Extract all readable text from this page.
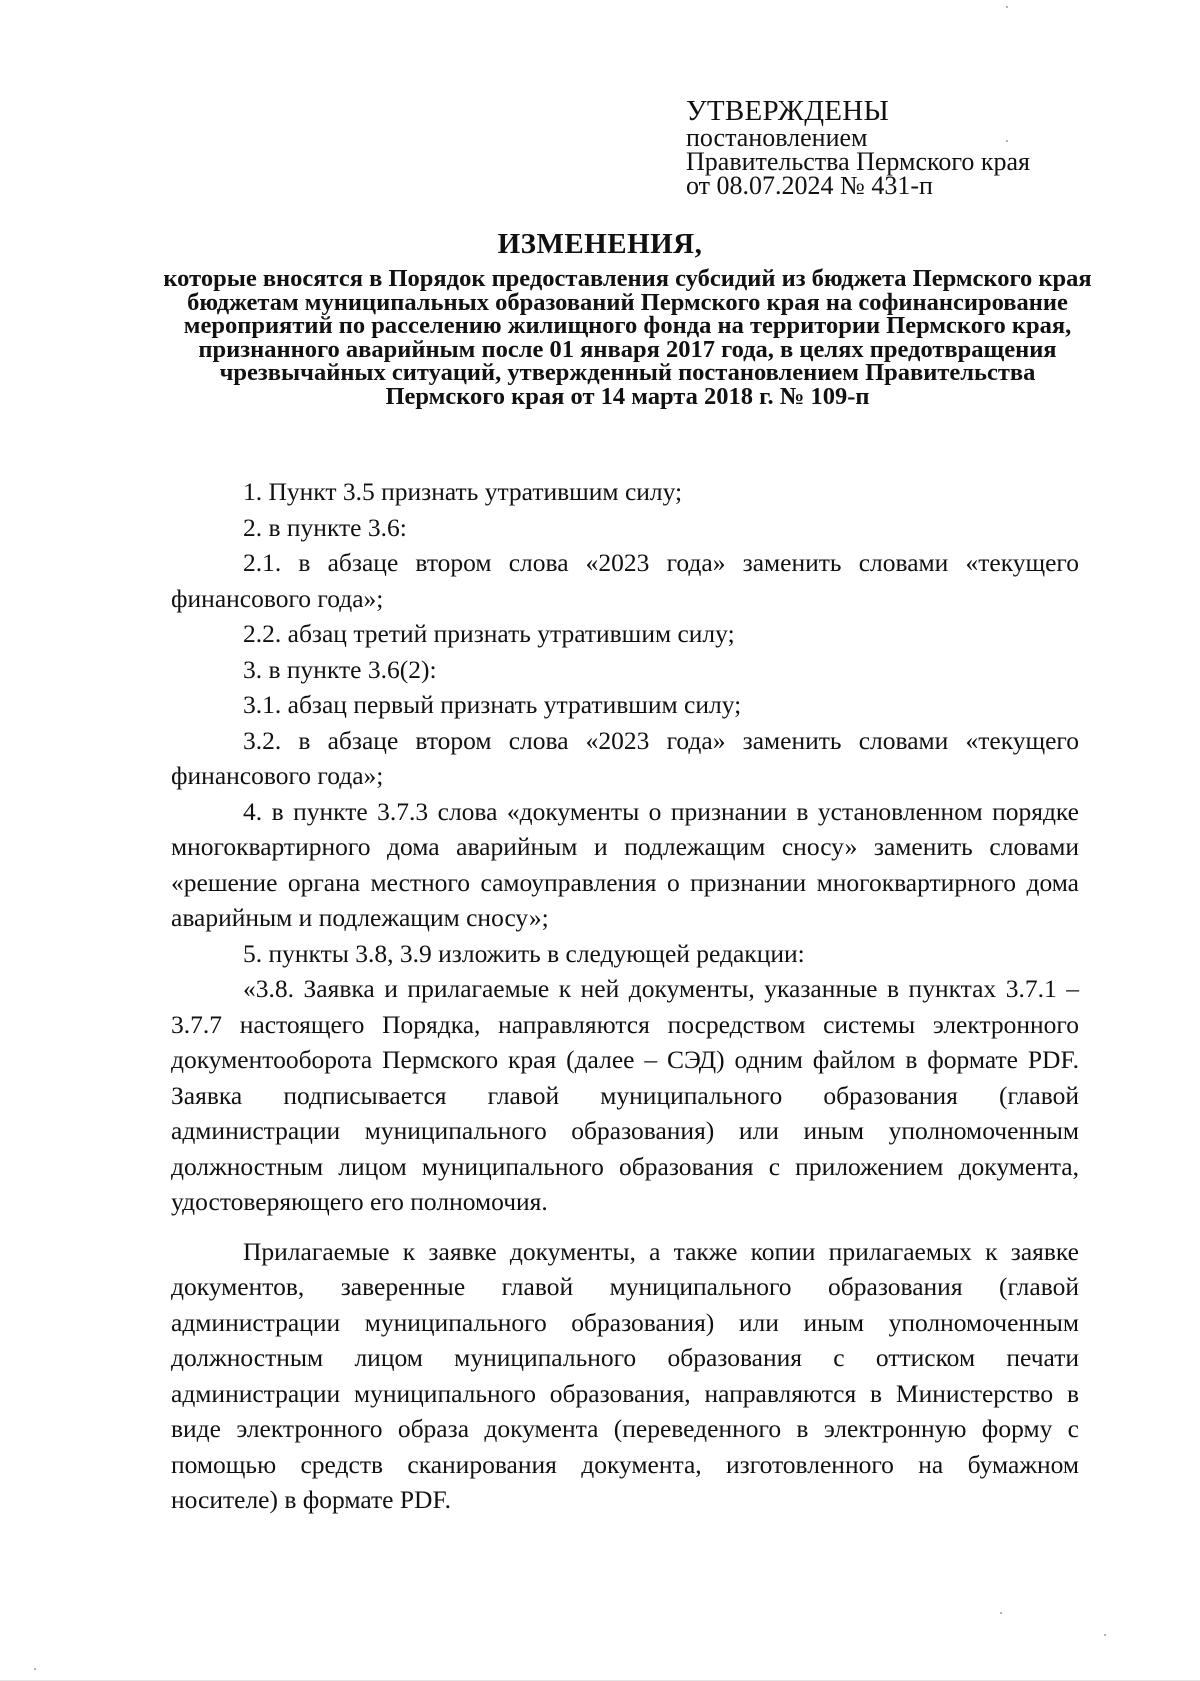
УТВЕРЖДЕНЫ
постановлением
Правительства Пермского края
от 08.07.2024 № 431-п
ИЗМЕНЕНИЯ,
которые вносятся в Порядок предоставления субсидий из бюджета Пермского края бюджетам муниципальных образований Пермского края на софинансирование мероприятий по расселению жилищного фонда на территории Пермского края, признанного аварийным после 01 января 2017 года, в целях предотвращения чрезвычайных ситуаций, утвержденный постановлением Правительства Пермского края от 14 марта 2018 г. № 109-п

1. Пункт 3.5 признать утратившим силу;

2. в пункте 3.6:

2.1. в абзаце втором слова «2023 года» заменить словами «текущего финансового года»;

2.2. абзац третий признать утратившим силу;

3. в пункте 3.6(2):

3.1. абзац первый признать утратившим силу;

3.2. в абзаце втором слова «2023 года» заменить словами «текущего финансового года»;

4. в пункте 3.7.3 слова «документы о признании в установленном порядке многоквартирного дома аварийным и подлежащим сносу» заменить словами «решение органа местного самоуправления о признании многоквартирного дома аварийным и подлежащим сносу»;

5. пункты 3.8, 3.9 изложить в следующей редакции:

«3.8. Заявка и прилагаемые к ней документы, указанные в пунктах 3.7.1 – 3.7.7 настоящего Порядка, направляются посредством системы электронного документооборота Пермского края (далее – СЭД) одним файлом в формате PDF. Заявка подписывается главой муниципального образования (главой администрации муниципального образования) или иным уполномоченным должностным лицом муниципального образования с приложением документа, удостоверяющего его полномочия.

Прилагаемые к заявке документы, а также копии прилагаемых к заявке документов, заверенные главой муниципального образования (главой администрации муниципального образования) или иным уполномоченным должностным лицом муниципального образования с оттиском печати администрации муниципального образования, направляются в Министерство в виде электронного образа документа (переведенного в электронную форму с помощью средств сканирования документа, изготовленного на бумажном носителе) в формате PDF.
